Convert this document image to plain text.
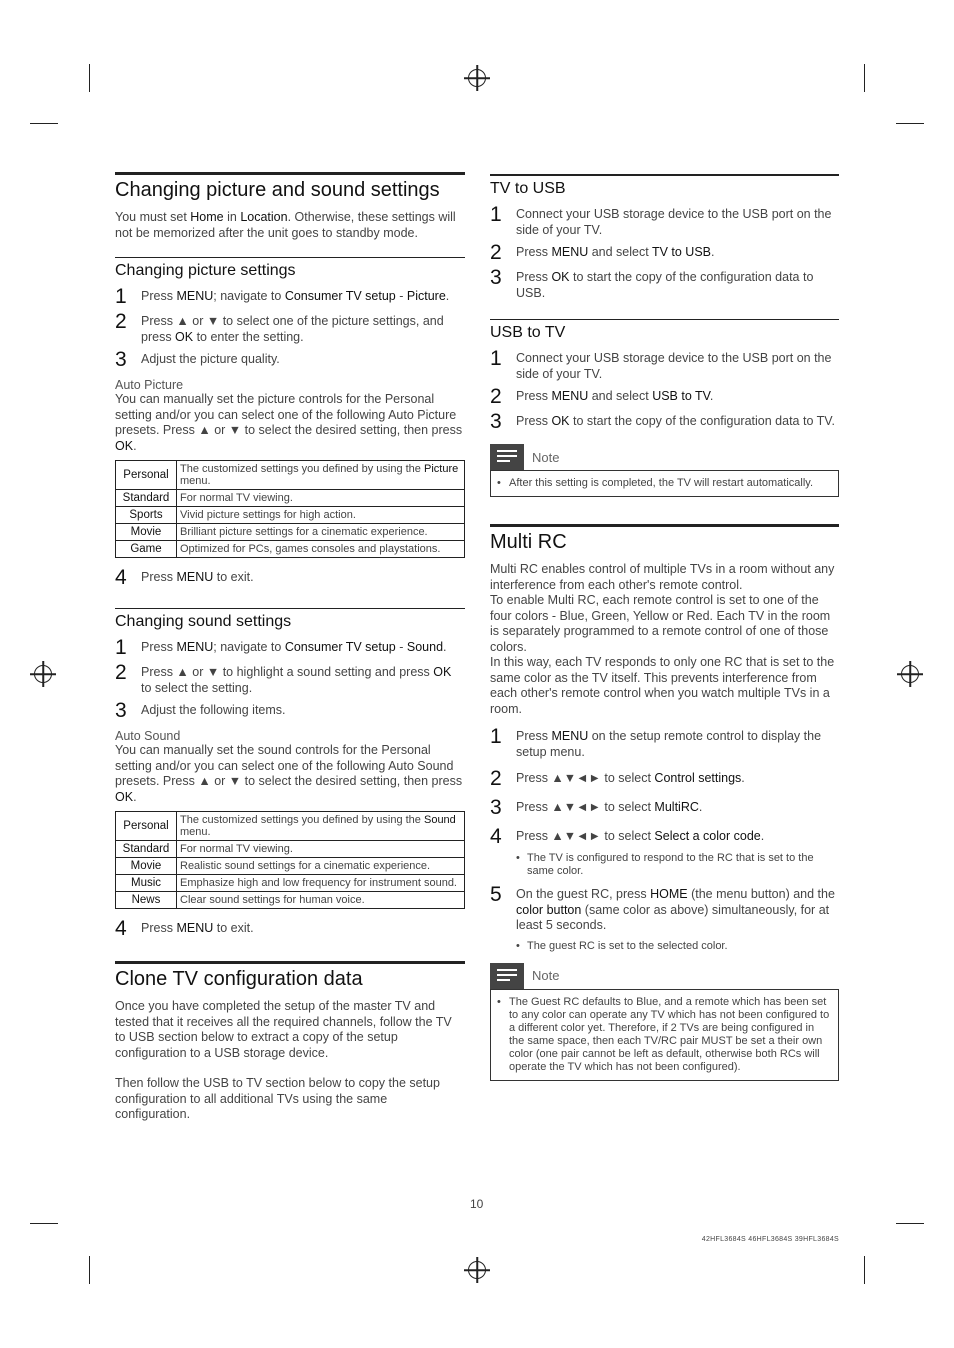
Changing picture and sound settings

You must set Home in Location. Otherwise, these settings will not be memorized after the unit goes to standby mode.

Changing picture settings
1	Press MENU; navigate to Consumer TV setup - Picture.
2	Press ▲ or ▼ to select one of the picture settings, and press OK to enter the setting.
3	Adjust the picture quality.
Auto Picture

You can manually set the picture controls for the Personal setting and/or you can select one of the following Auto Picture presets. Press ▲ or ▼ to select the desired setting, then press OK.

Personal	The customized settings you defined by using the Picture menu.
Standard	For normal TV viewing.
Sports	Vivid picture settings for high action.
Movie	Brilliant picture settings for a cinematic experience.
Game	Optimized for PCs, games consoles and playstations.
4	Press MENU to exit.
Changing sound settings
1	Press MENU; navigate to Consumer TV setup - Sound.
2	Press ▲ or ▼ to highlight a sound setting and press OK to select the setting.
3	Adjust the following items.
Auto Sound

You can manually set the sound controls for the Personal setting and/or you can select one of the following Auto Sound presets. Press ▲ or ▼ to select the desired setting, then press OK.

Personal	The customized settings you defined by using the Sound menu.
Standard	For normal TV viewing.
Movie	Realistic sound settings for a cinematic experience.
Music	Emphasize high and low frequency for instrument sound.
News	Clear sound settings for human voice.
4	Press MENU to exit.
Clone TV configuration data

Once you have completed the setup of the master TV and tested that it receives all the required channels, follow the TV to USB section below to extract a copy of the setup configuration to a USB storage device.

Then follow the USB to TV section below to copy the setup configuration to all additional TVs using the same configuration.

TV to USB
1	Connect your USB storage device to the USB port on the side of your TV.
2	Press MENU and select TV to USB.
3	Press OK to start the copy of the configuration data to USB.
USB to TV
1	Connect your USB storage device to the USB port on the side of your TV.
2	Press MENU and select USB to TV.
3	Press OK to start the copy of the configuration data to TV.
Note
• After this setting is completed, the TV will restart automatically.
Multi RC

Multi RC enables control of multiple TVs in a room without any interference from each other's remote control.

To enable Multi RC, each remote control is set to one of the four colors - Blue, Green, Yellow or Red. Each TV in the room is separately programmed to a remote control of one of those colors.

In this way, each TV responds to only one RC that is set to the same color as the TV itself. This prevents interference from each other's remote control when you watch multiple TVs in a room.

1	Press MENU on the setup remote control to display the setup menu.
2	Press ▲▼◄► to select Control settings.
3	Press ▲▼◄► to select MultiRC.
4	Press ▲▼◄► to select Select a color code.
• The TV is configured to respond to the RC that is set to the same color.
5	On the guest RC, press HOME (the menu button) and the color button (same color as above) simultaneously, for at least 5 seconds.
• The guest RC is set to the selected color.
Note
• The Guest RC defaults to Blue, and a remote which has been set to any color can operate any TV which has not been configured to a different color yet. Therefore, if 2 TVs are being configured in the same space, then each TV/RC pair MUST be set a their own color (one pair cannot be left as default, otherwise both RCs will operate the TV which has not been configured).
10
42HFL3684S 46HFL3684S 39HFL3684S
